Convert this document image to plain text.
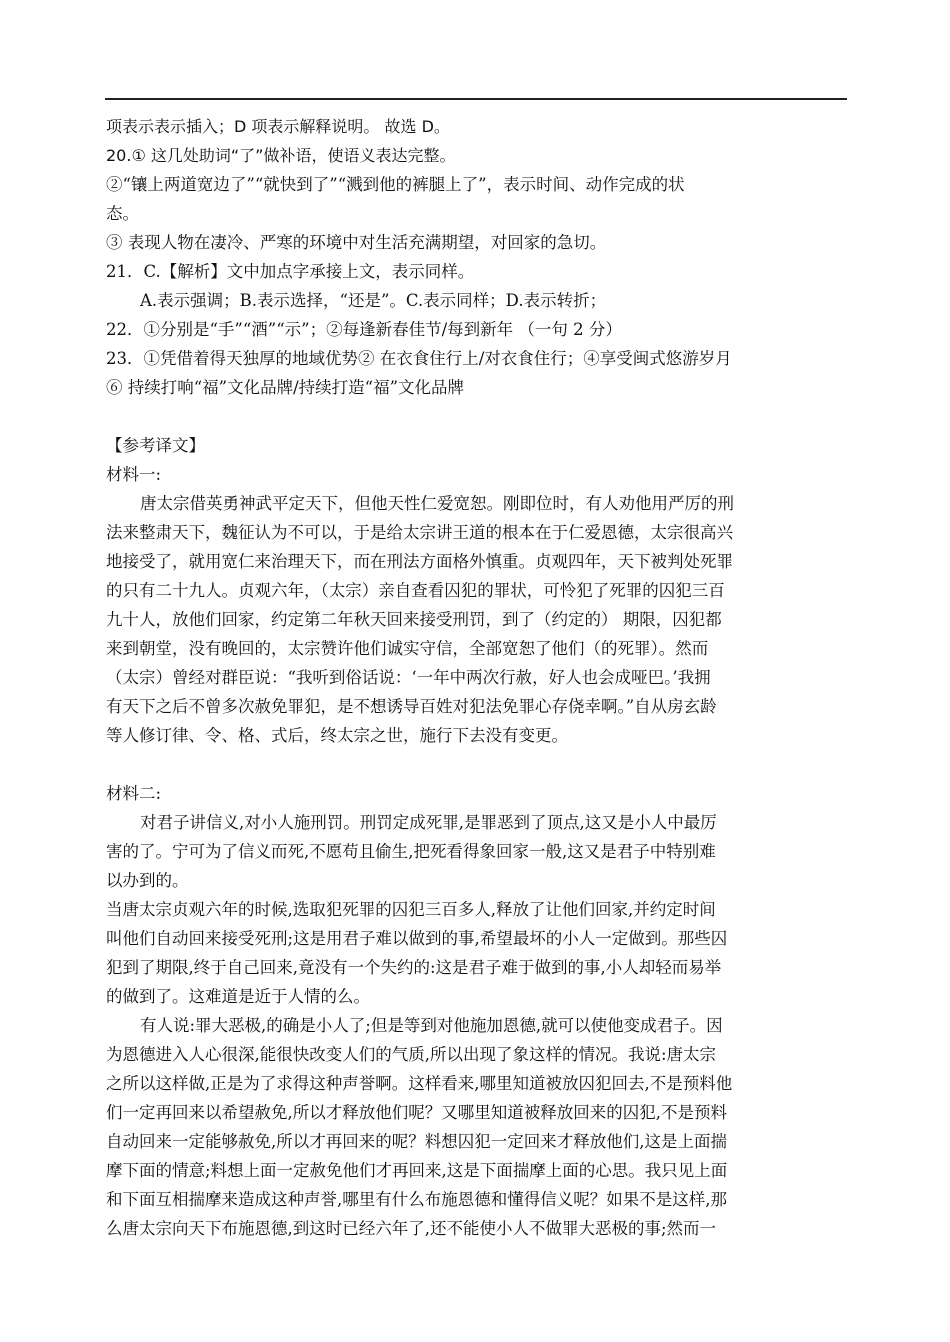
项表示表示插入；D 项表示解释说明。 故选 D。
20.① 这几处助词“了”做补语，使语义表达完整。
②“镶上两道宽边了”“就快到了”“溅到他的裤腿上了”，表示时间、动作完成的状
态。
③ 表现人物在凄冷、严寒的环境中对生活充满期望，对回家的急切。
21．C.【解析】文中加点字承接上文，表示同样。
A.表示强调；B.表示选择，“还是”。C.表示同样；D.表示转折；
22．①分别是“手”“酒”“示”；②每逢新春佳节/每到新年 （一句 2 分）
23．①凭借着得天独厚的地域优势② 在衣食住行上/对衣食住行；④享受闽式悠游岁月
⑥ 持续打响“福”文化品牌/持续打造“福”文化品牌
【参考译文】
材料一:
唐太宗借英勇神武平定天下，但他天性仁爱宽恕。刚即位时，有人劝他用严厉的刑
法来整肃天下，魏征认为不可以，于是给太宗讲王道的根本在于仁爱恩德，太宗很高兴
地接受了，就用宽仁来治理天下，而在刑法方面格外慎重。贞观四年，天下被判处死罪
的只有二十九人。贞观六年，（太宗）亲自查看囚犯的罪状，可怜犯了死罪的囚犯三百
九十人，放他们回家，约定第二年秋天回来接受刑罚，到了（约定的） 期限，囚犯都
来到朝堂，没有晚回的，太宗赞许他们诚实守信，全部宽恕了他们（的死罪）。然而
（太宗）曾经对群臣说：“我听到俗话说：‘一年中两次行赦，好人也会成哑巴。’我拥
有天下之后不曾多次赦免罪犯，是不想诱导百姓对犯法免罪心存侥幸啊。”自从房玄龄
等人修订律、令、格、式后，终太宗之世，施行下去没有变更。
材料二:
对君子讲信义,对小人施刑罚。刑罚定成死罪,是罪恶到了顶点,这又是小人中最厉
害的了。宁可为了信义而死,不愿苟且偷生,把死看得象回家一般,这又是君子中特别难
以办到的。
当唐太宗贞观六年的时候,选取犯死罪的囚犯三百多人,释放了让他们回家,并约定时间
叫他们自动回来接受死刑;这是用君子难以做到的事,希望最坏的小人一定做到。那些囚
犯到了期限,终于自己回来,竟没有一个失约的:这是君子难于做到的事,小人却轻而易举
的做到了。这难道是近于人情的么。
有人说:罪大恶极,的确是小人了;但是等到对他施加恩德,就可以使他变成君子。因
为恩德进入人心很深,能很快改变人们的气质,所以出现了象这样的情况。我说:唐太宗
之所以这样做,正是为了求得这种声誉啊。这样看来,哪里知道被放囚犯回去,不是预料他
们一定再回来以希望赦免,所以才释放他们呢？又哪里知道被释放回来的囚犯,不是预料
自动回来一定能够赦免,所以才再回来的呢？料想囚犯一定回来才释放他们,这是上面揣
摩下面的情意;料想上面一定赦免他们才再回来,这是下面揣摩上面的心思。我只见上面
和下面互相揣摩来造成这种声誉,哪里有什么布施恩德和懂得信义呢？如果不是这样,那
么唐太宗向天下布施恩德,到这时已经六年了,还不能使小人不做罪大恶极的事;然而一
